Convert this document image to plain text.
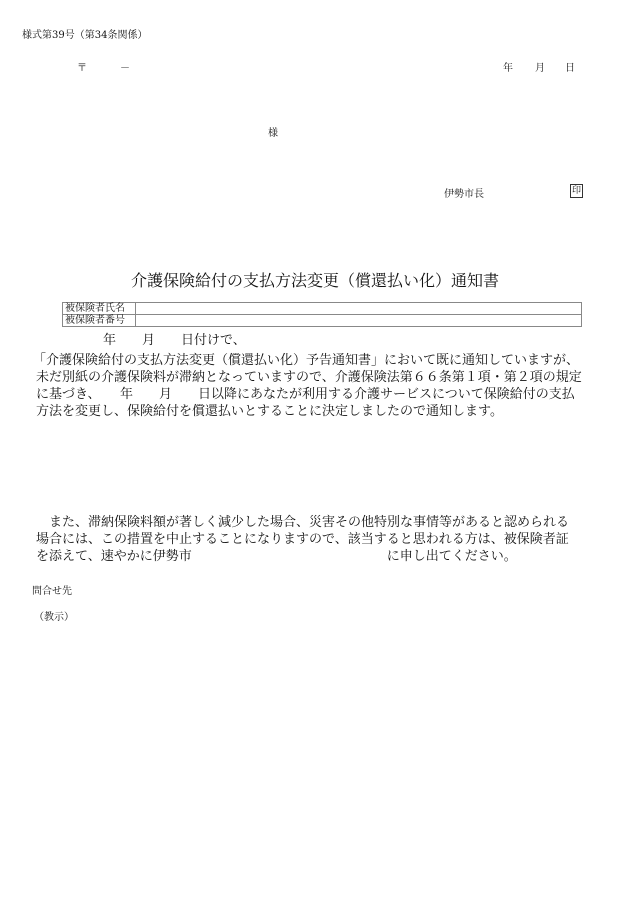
様式第39号（第34条関係）
〒	－	年 月 日
様
伊勢市長	印
介護保険給付の支払方法変更（償還払い化）通知書
被保険者氏名	
被保険者番号	
年　　月　　日付けで、
「介護保険給付の支払方法変更（償還払い化）予告通知書」において既に通知していますが、
未だ別紙の介護保険料が滞納となっていますので、介護保険法第６６条第１項・第２項の規定
に基づき、　　年　　月　　日以降にあなたが利用する介護サービスについて保険給付の支払
方法を変更し、保険給付を償還払いとすることに決定しましたので通知します。
　また、滞納保険料額が著しく減少した場合、災害その他特別な事情等があると認められる
場合には、この措置を中止することになりますので、該当すると思われる方は、被保険者証
を添えて、速やかに伊勢市　　　　　　　　　　　　　　　に申し出てください。
問合せ先
（教示）
